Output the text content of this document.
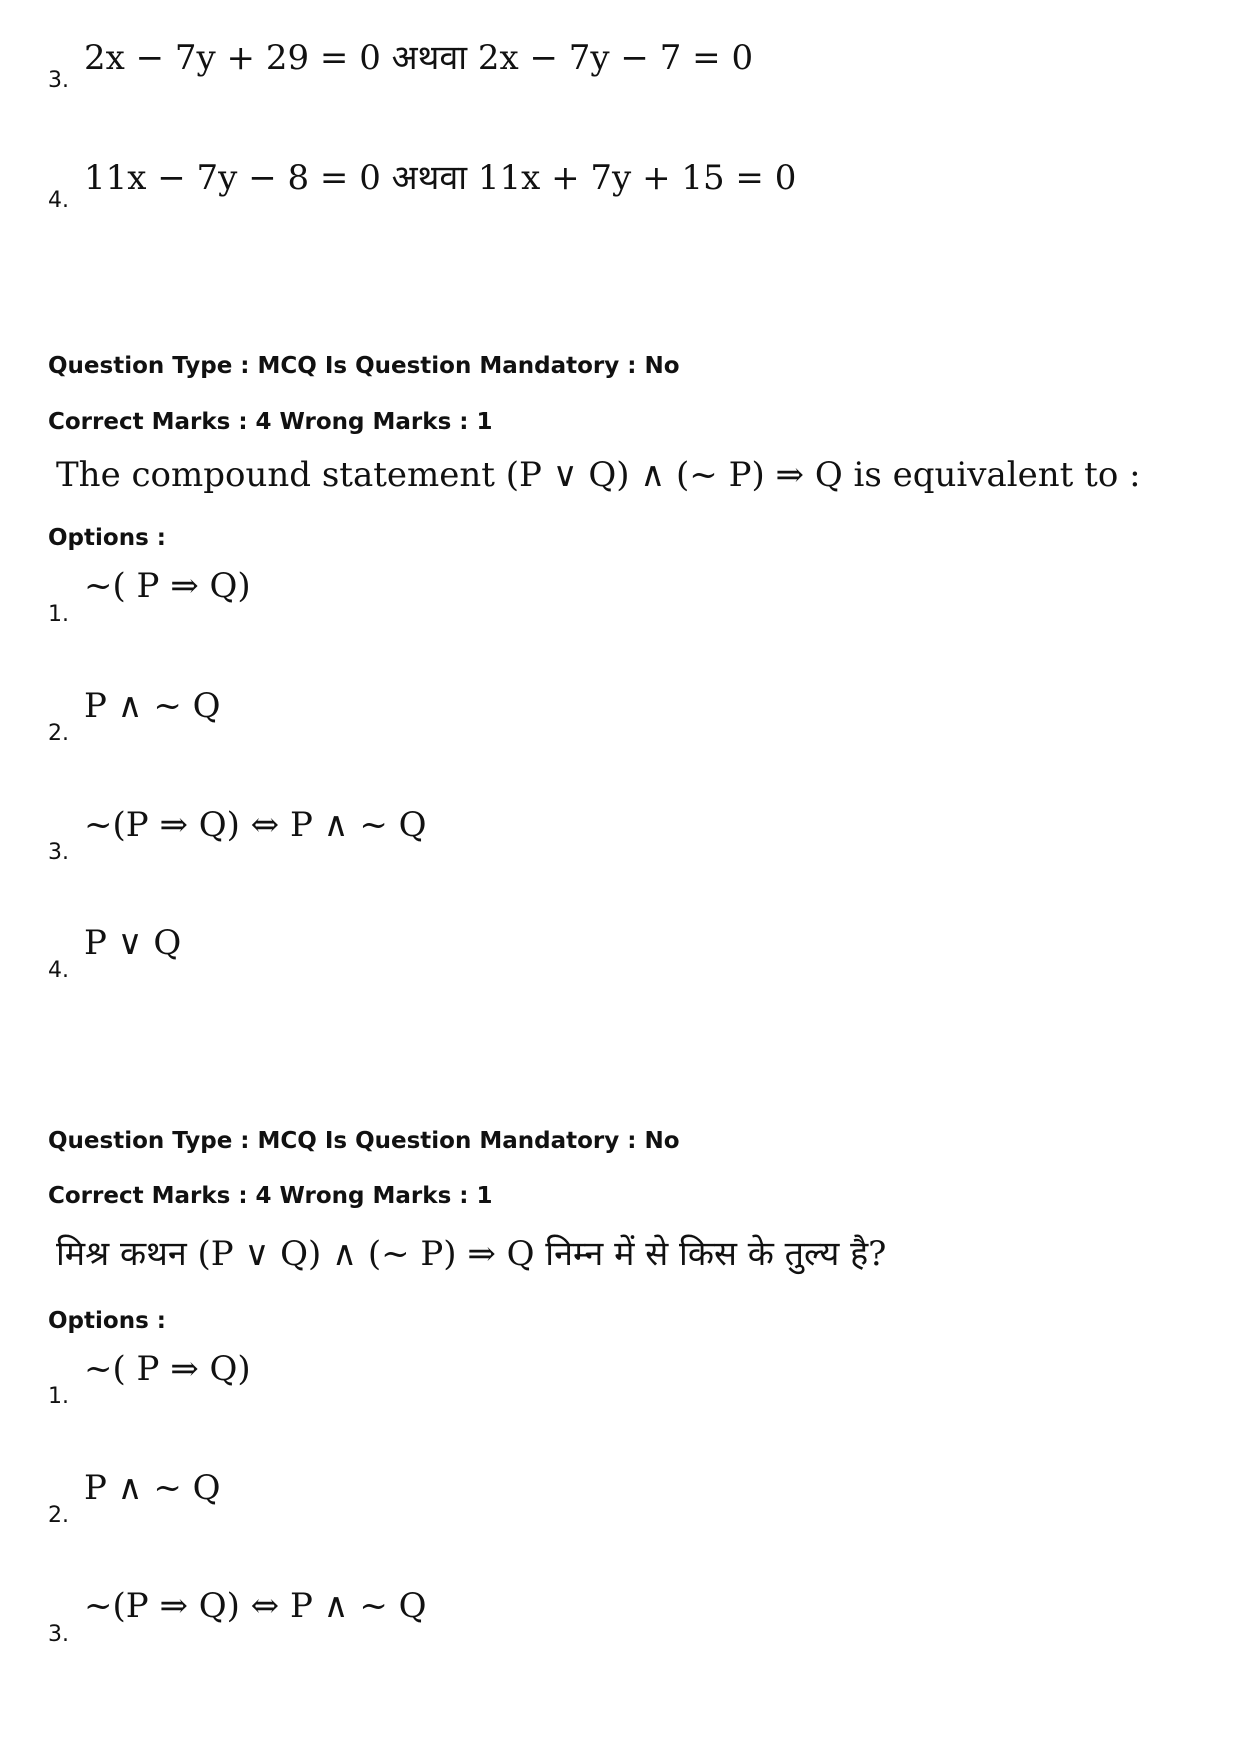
3.
2x − 7y + 29 = 0 अथवा 2x − 7y − 7 = 0
4.
11x − 7y − 8 = 0 अथवा 11x + 7y + 15 = 0
Question Type : MCQ Is Question Mandatory : No
Correct Marks : 4 Wrong Marks : 1
The compound statement (P ∨ Q) ∧ (~ P) ⇒ Q is equivalent to :
Options :
1.
~( P ⇒ Q)
2.
P ∧ ~ Q
3.
~(P ⇒ Q) ⇔ P ∧ ~ Q
4.
P ∨ Q
Question Type : MCQ Is Question Mandatory : No
Correct Marks : 4 Wrong Marks : 1
मिश्र कथन (P ∨ Q) ∧ (~ P) ⇒ Q निम्न में से किस के तुल्य है?
Options :
1.
~( P ⇒ Q)
2.
P ∧ ~ Q
3.
~(P ⇒ Q) ⇔ P ∧ ~ Q
